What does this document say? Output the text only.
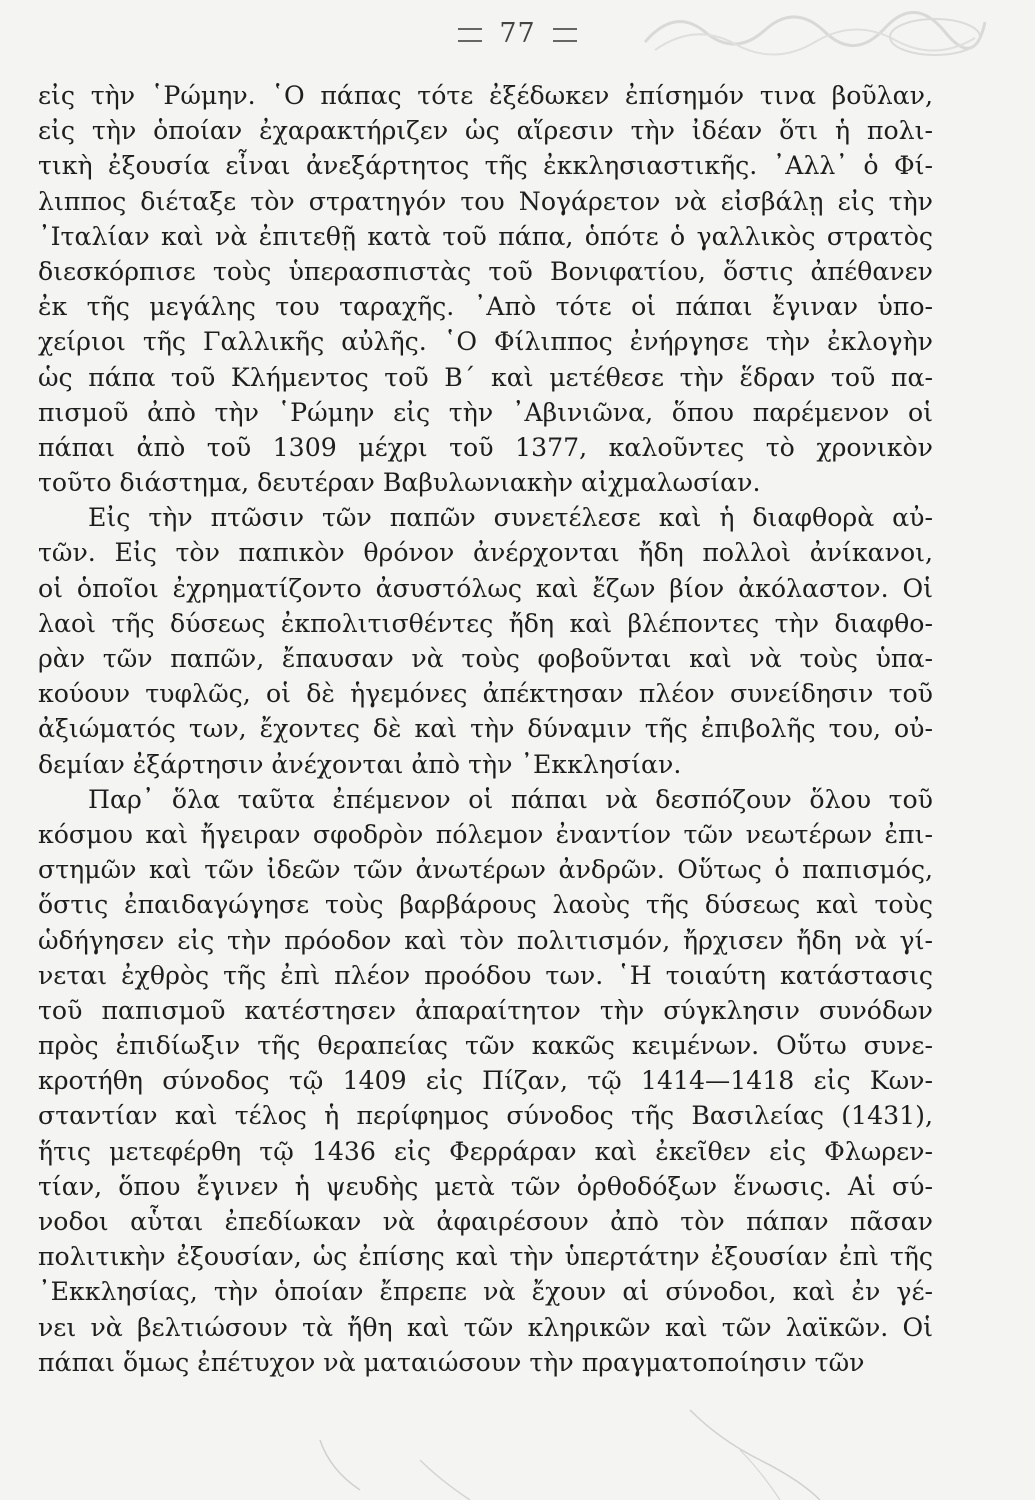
77
εἰς τὴν ῾Ρώμην. ῾Ο πάπας τότε ἐξέδωκεν ἐπίσημόν τινα βοῦλαν,
εἰς τὴν ὁποίαν ἐχαρακτήριζεν ὡς αἵρεσιν τὴν ἰδέαν ὅτι ἡ πολι-
τικὴ ἐξουσία εἶναι ἀνεξάρτητος τῆς ἐκκλησιαστικῆς. ᾿Αλλ᾿ ὁ Φί-
λιππος διέταξε τὸν στρατηγόν του Νογάρετον νὰ εἰσβάλῃ εἰς τὴν
᾿Ιταλίαν καὶ νὰ ἐπιτεθῇ κατὰ τοῦ πάπα, ὁπότε ὁ γαλλικὸς στρατὸς
διεσκόρπισε τοὺς ὑπερασπιστὰς τοῦ Βονιφατίου, ὅστις ἀπέθανεν
ἐκ τῆς μεγάλης του ταραχῆς. ᾿Απὸ τότε οἱ πάπαι ἔγιναν ὑπο-
χείριοι τῆς Γαλλικῆς αὐλῆς. ῾Ο Φίλιππος ἐνήργησε τὴν ἐκλογὴν
ὡς πάπα τοῦ Κλήμεντος τοῦ Β΄ καὶ μετέθεσε τὴν ἕδραν τοῦ πα-
πισμοῦ ἀπὸ τὴν ῾Ρώμην εἰς τὴν ᾿Αβινιῶνα, ὅπου παρέμενον οἱ
πάπαι ἀπὸ τοῦ 1309 μέχρι τοῦ 1377, καλοῦντες τὸ χρονικὸν
τοῦτο διάστημα, δευτέραν Βαβυλωνιακὴν αἰχμαλωσίαν.
Εἰς τὴν πτῶσιν τῶν παπῶν συνετέλεσε καὶ ἡ διαφθορὰ αὐ-
τῶν. Εἰς τὸν παπικὸν θρόνον ἀνέρχονται ἤδη πολλοὶ ἀνίκανοι,
οἱ ὁποῖοι ἐχρηματίζοντο ἀσυστόλως καὶ ἔζων βίον ἀκόλαστον. Οἱ
λαοὶ τῆς δύσεως ἐκπολιτισθέντες ἤδη καὶ βλέποντες τὴν διαφθο-
ρὰν τῶν παπῶν, ἔπαυσαν νὰ τοὺς φοβοῦνται καὶ νὰ τοὺς ὑπα-
κούουν τυφλῶς, οἱ δὲ ἡγεμόνες ἀπέκτησαν πλέον συνείδησιν τοῦ
ἀξιώματός των, ἔχοντες δὲ καὶ τὴν δύναμιν τῆς ἐπιβολῆς του, οὐ-
δεμίαν ἐξάρτησιν ἀνέχονται ἀπὸ τὴν ᾿Εκκλησίαν.
Παρ᾿ ὅλα ταῦτα ἐπέμενον οἱ πάπαι νὰ δεσπόζουν ὅλου τοῦ
κόσμου καὶ ἤγειραν σφοδρὸν πόλεμον ἐναντίον τῶν νεωτέρων ἐπι-
στημῶν καὶ τῶν ἰδεῶν τῶν ἀνωτέρων ἀνδρῶν. Οὕτως ὁ παπισμός,
ὅστις ἐπαιδαγώγησε τοὺς βαρβάρους λαοὺς τῆς δύσεως καὶ τοὺς
ὡδήγησεν εἰς τὴν πρόοδον καὶ τὸν πολιτισμόν, ἤρχισεν ἤδη νὰ γί-
νεται ἐχθρὸς τῆς ἐπὶ πλέον προόδου των. ῾Η τοιαύτη κατάστασις
τοῦ παπισμοῦ κατέστησεν ἀπαραίτητον τὴν σύγκλησιν συνόδων
πρὸς ἐπιδίωξιν τῆς θεραπείας τῶν κακῶς κειμένων. Οὕτω συνε-
κροτήθη σύνοδος τῷ 1409 εἰς Πίζαν, τῷ 1414—1418 εἰς Κων-
σταντίαν καὶ τέλος ἡ περίφημος σύνοδος τῆς Βασιλείας (1431),
ἥτις μετεφέρθη τῷ 1436 εἰς Φερράραν καὶ ἐκεῖθεν εἰς Φλωρεν-
τίαν, ὅπου ἔγινεν ἡ ψευδὴς μετὰ τῶν ὀρθοδόξων ἕνωσις. Αἱ σύ-
νοδοι αὗται ἐπεδίωκαν νὰ ἀφαιρέσουν ἀπὸ τὸν πάπαν πᾶσαν
πολιτικὴν ἐξουσίαν, ὡς ἐπίσης καὶ τὴν ὑπερτάτην ἐξουσίαν ἐπὶ τῆς
᾿Εκκλησίας, τὴν ὁποίαν ἔπρεπε νὰ ἔχουν αἱ σύνοδοι, καὶ ἐν γέ-
νει νὰ βελτιώσουν τὰ ἤθη καὶ τῶν κληρικῶν καὶ τῶν λαϊκῶν. Οἱ
πάπαι ὅμως ἐπέτυχον νὰ ματαιώσουν τὴν πραγματοποίησιν τῶν
